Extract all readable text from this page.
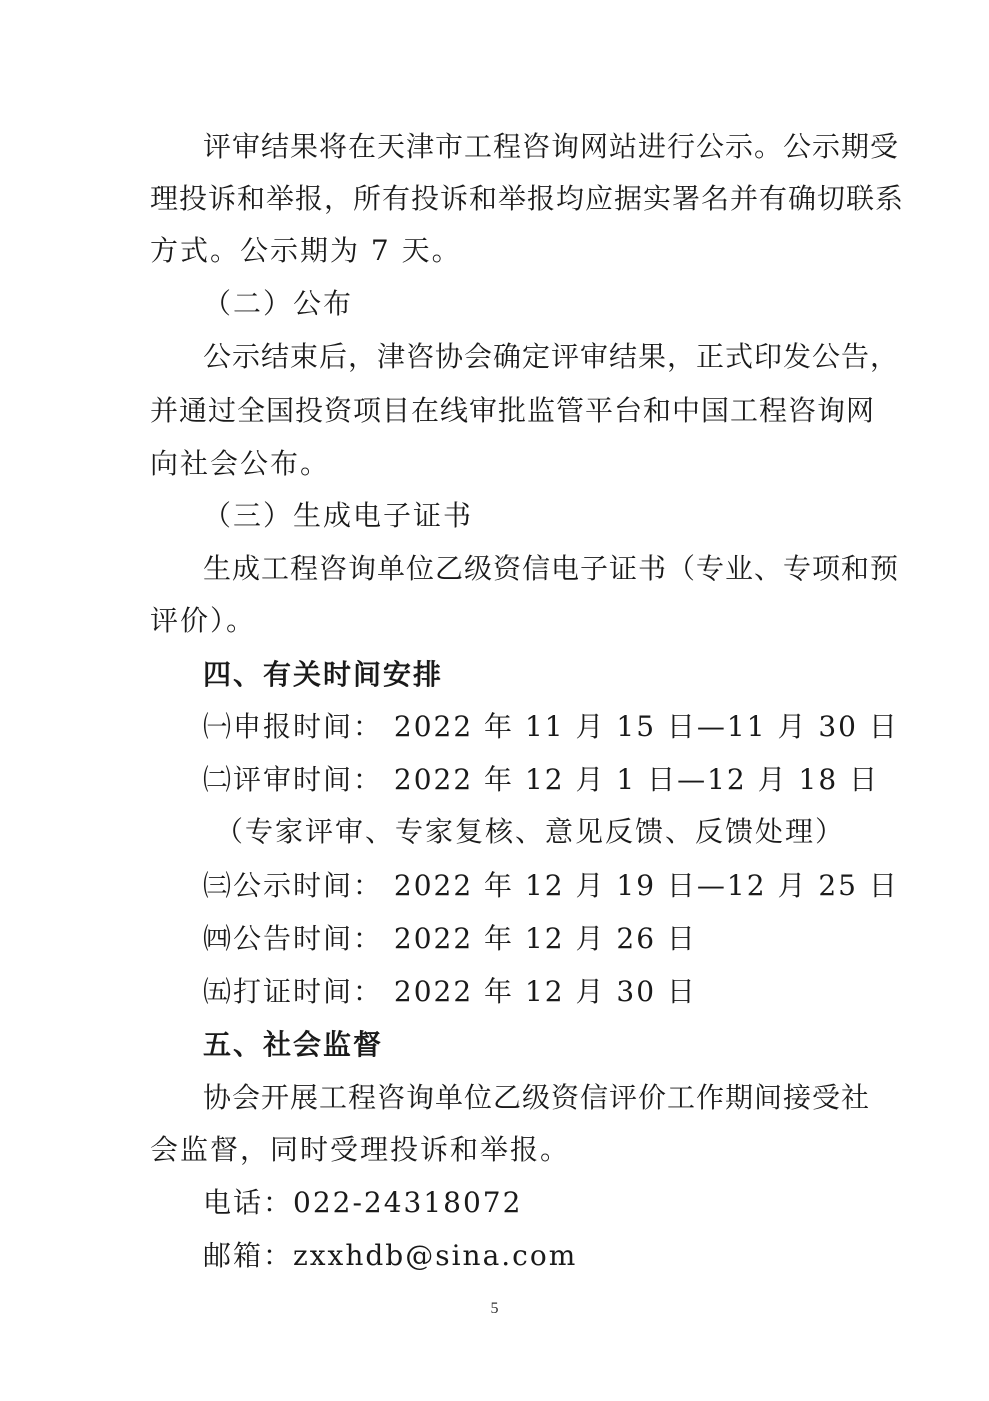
评审结果将在天津市工程咨询网站进行公示。公示期受
理投诉和举报，所有投诉和举报均应据实署名并有确切联系
方式。公示期为 7 天。
（二）公布
公示结束后，津咨协会确定评审结果，正式印发公告，
并通过全国投资项目在线审批监管平台和中国工程咨询网
向社会公布。
（三）生成电子证书
生成工程咨询单位乙级资信电子证书（专业、专项和预
评价）。
四、有关时间安排
㈠申报时间： 2022 年 11 月 15 日—11 月 30 日
㈡评审时间： 2022 年 12 月 1 日—12 月 18 日
（专家评审、专家复核、意见反馈、反馈处理）
㈢公示时间： 2022 年 12 月 19 日—12 月 25 日
㈣公告时间： 2022 年 12 月 26 日
㈤打证时间： 2022 年 12 月 30 日
五、社会监督
协会开展工程咨询单位乙级资信评价工作期间接受社
会监督，同时受理投诉和举报。
电话：022-24318072
邮箱：zxxhdb@sina.com
5
